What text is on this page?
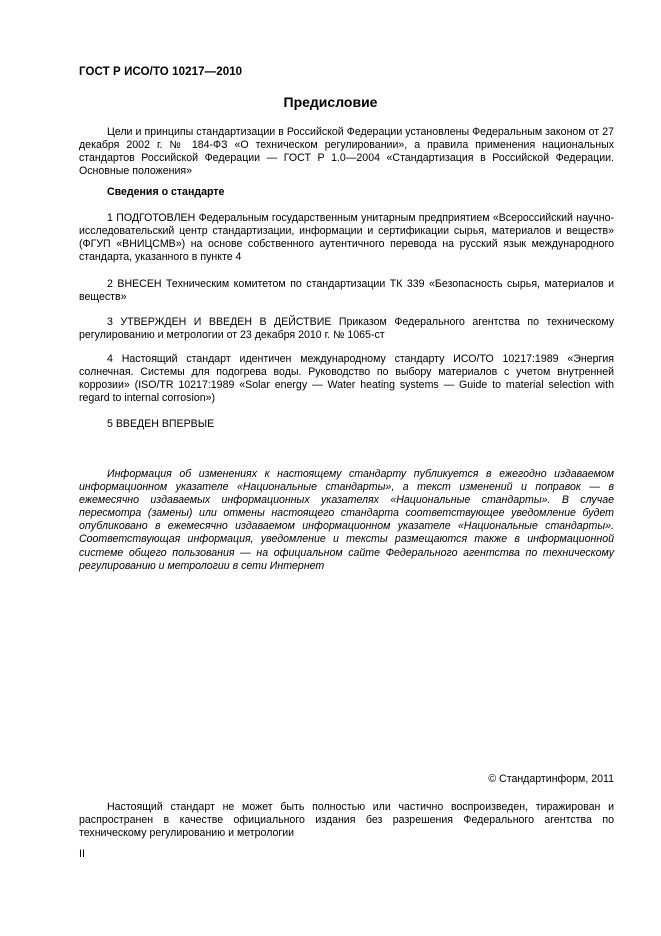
ГОСТ Р ИСО/ТО 10217—2010
Предисловие
Цели и принципы стандартизации в Российской Федерации установлены Федеральным законом от 27 декабря 2002 г. № 184-ФЗ «О техническом регулировании», а правила применения национальных стандартов Российской Федерации — ГОСТ Р 1.0—2004 «Стандартизация в Российской Федерации. Основные положения»
Сведения о стандарте
1 ПОДГОТОВЛЕН Федеральным государственным унитарным предприятием «Всероссийский научно-исследовательский центр стандартизации, информации и сертификации сырья, материалов и веществ» (ФГУП «ВНИЦСМВ») на основе собственного аутентичного перевода на русский язык международного стандарта, указанного в пункте 4
2 ВНЕСЕН Техническим комитетом по стандартизации ТК 339 «Безопасность сырья, материалов и веществ»
3 УТВЕРЖДЕН И ВВЕДЕН В ДЕЙСТВИЕ Приказом Федерального агентства по техническому регулированию и метрологии от 23 декабря 2010 г. № 1065-ст
4 Настоящий стандарт идентичен международному стандарту ИСО/ТО 10217:1989 «Энергия солнечная. Системы для подогрева воды. Руководство по выбору материалов с учетом внутренней коррозии» (ISO/TR 10217:1989 «Solar energy — Water heating systems — Guide to material selection with regard to internal corrosion»)
5 ВВЕДЕН ВПЕРВЫЕ
Информация об изменениях к настоящему стандарту публикуется в ежегодно издаваемом информационном указателе «Национальные стандарты», а текст изменений и поправок — в ежемесячно издаваемых информационных указателях «Национальные стандарты». В случае пересмотра (замены) или отмены настоящего стандарта соответствующее уведомление будет опубликовано в ежемесячно издаваемом информационном указателе «Национальные стандарты». Соответствующая информация, уведомление и тексты размещаются также в информационной системе общего пользования — на официальном сайте Федерального агентства по техническому регулированию и метрологии в сети Интернет
© Стандартинформ, 2011
Настоящий стандарт не может быть полностью или частично воспроизведен, тиражирован и распространен в качестве официального издания без разрешения Федерального агентства по техническому регулированию и метрологии
II
